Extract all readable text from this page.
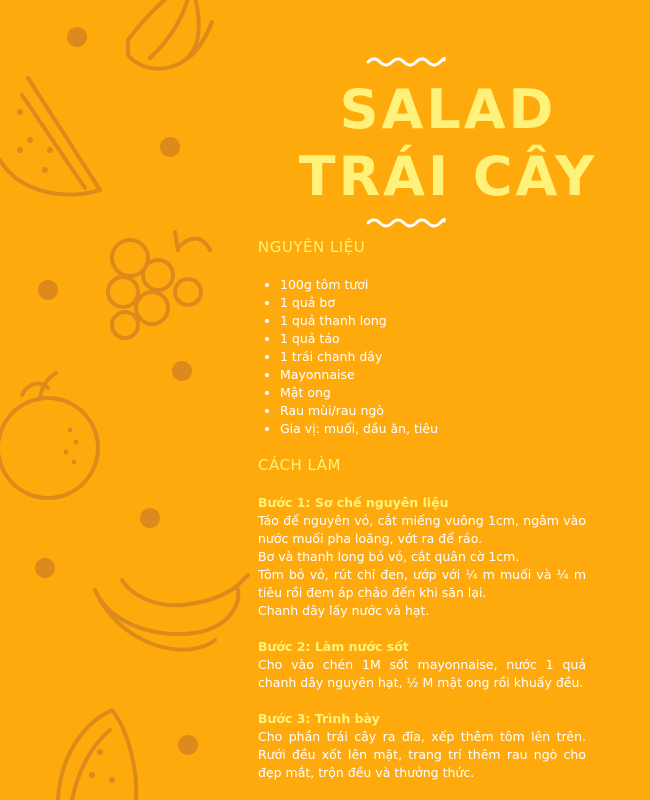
SALAD
TRÁI CÂY
NGUYÊN LIỆU
• 100g tôm tươi
• 1 quả bơ
• 1 quả thanh long
• 1 quả táo
• 1 trái chanh dây
• Mayonnaise
• Mật ong
• Rau mùi/rau ngò
• Gia vị: muối, dầu ăn, tiêu
CÁCH LÀM
Bước 1: Sơ chế nguyên liệu

Táo để nguyên vỏ, cắt miếng vuông 1cm, ngâm vào nước muối pha loãng, vớt ra để ráo.

Bơ và thanh long bỏ vỏ, cắt quân cờ 1cm.

Tôm bỏ vỏ, rút chỉ đen, ướp với ¼ m muối và ¼ m tiêu rồi đem áp chảo đến khi săn lại.

Chanh dây lấy nước và hạt.

Bước 2: Làm nước sốt

Cho vào chén 1M sốt mayonnaise, nước 1 quả chanh dây nguyên hạt, ½ M mật ong rồi khuấy đều.

Bước 3: Trình bày

Cho phần trái cây ra đĩa, xếp thêm tôm lên trên. Rưới đều xốt lên mặt, trang trí thêm rau ngò cho đẹp mắt, trộn đều và thưởng thức.
